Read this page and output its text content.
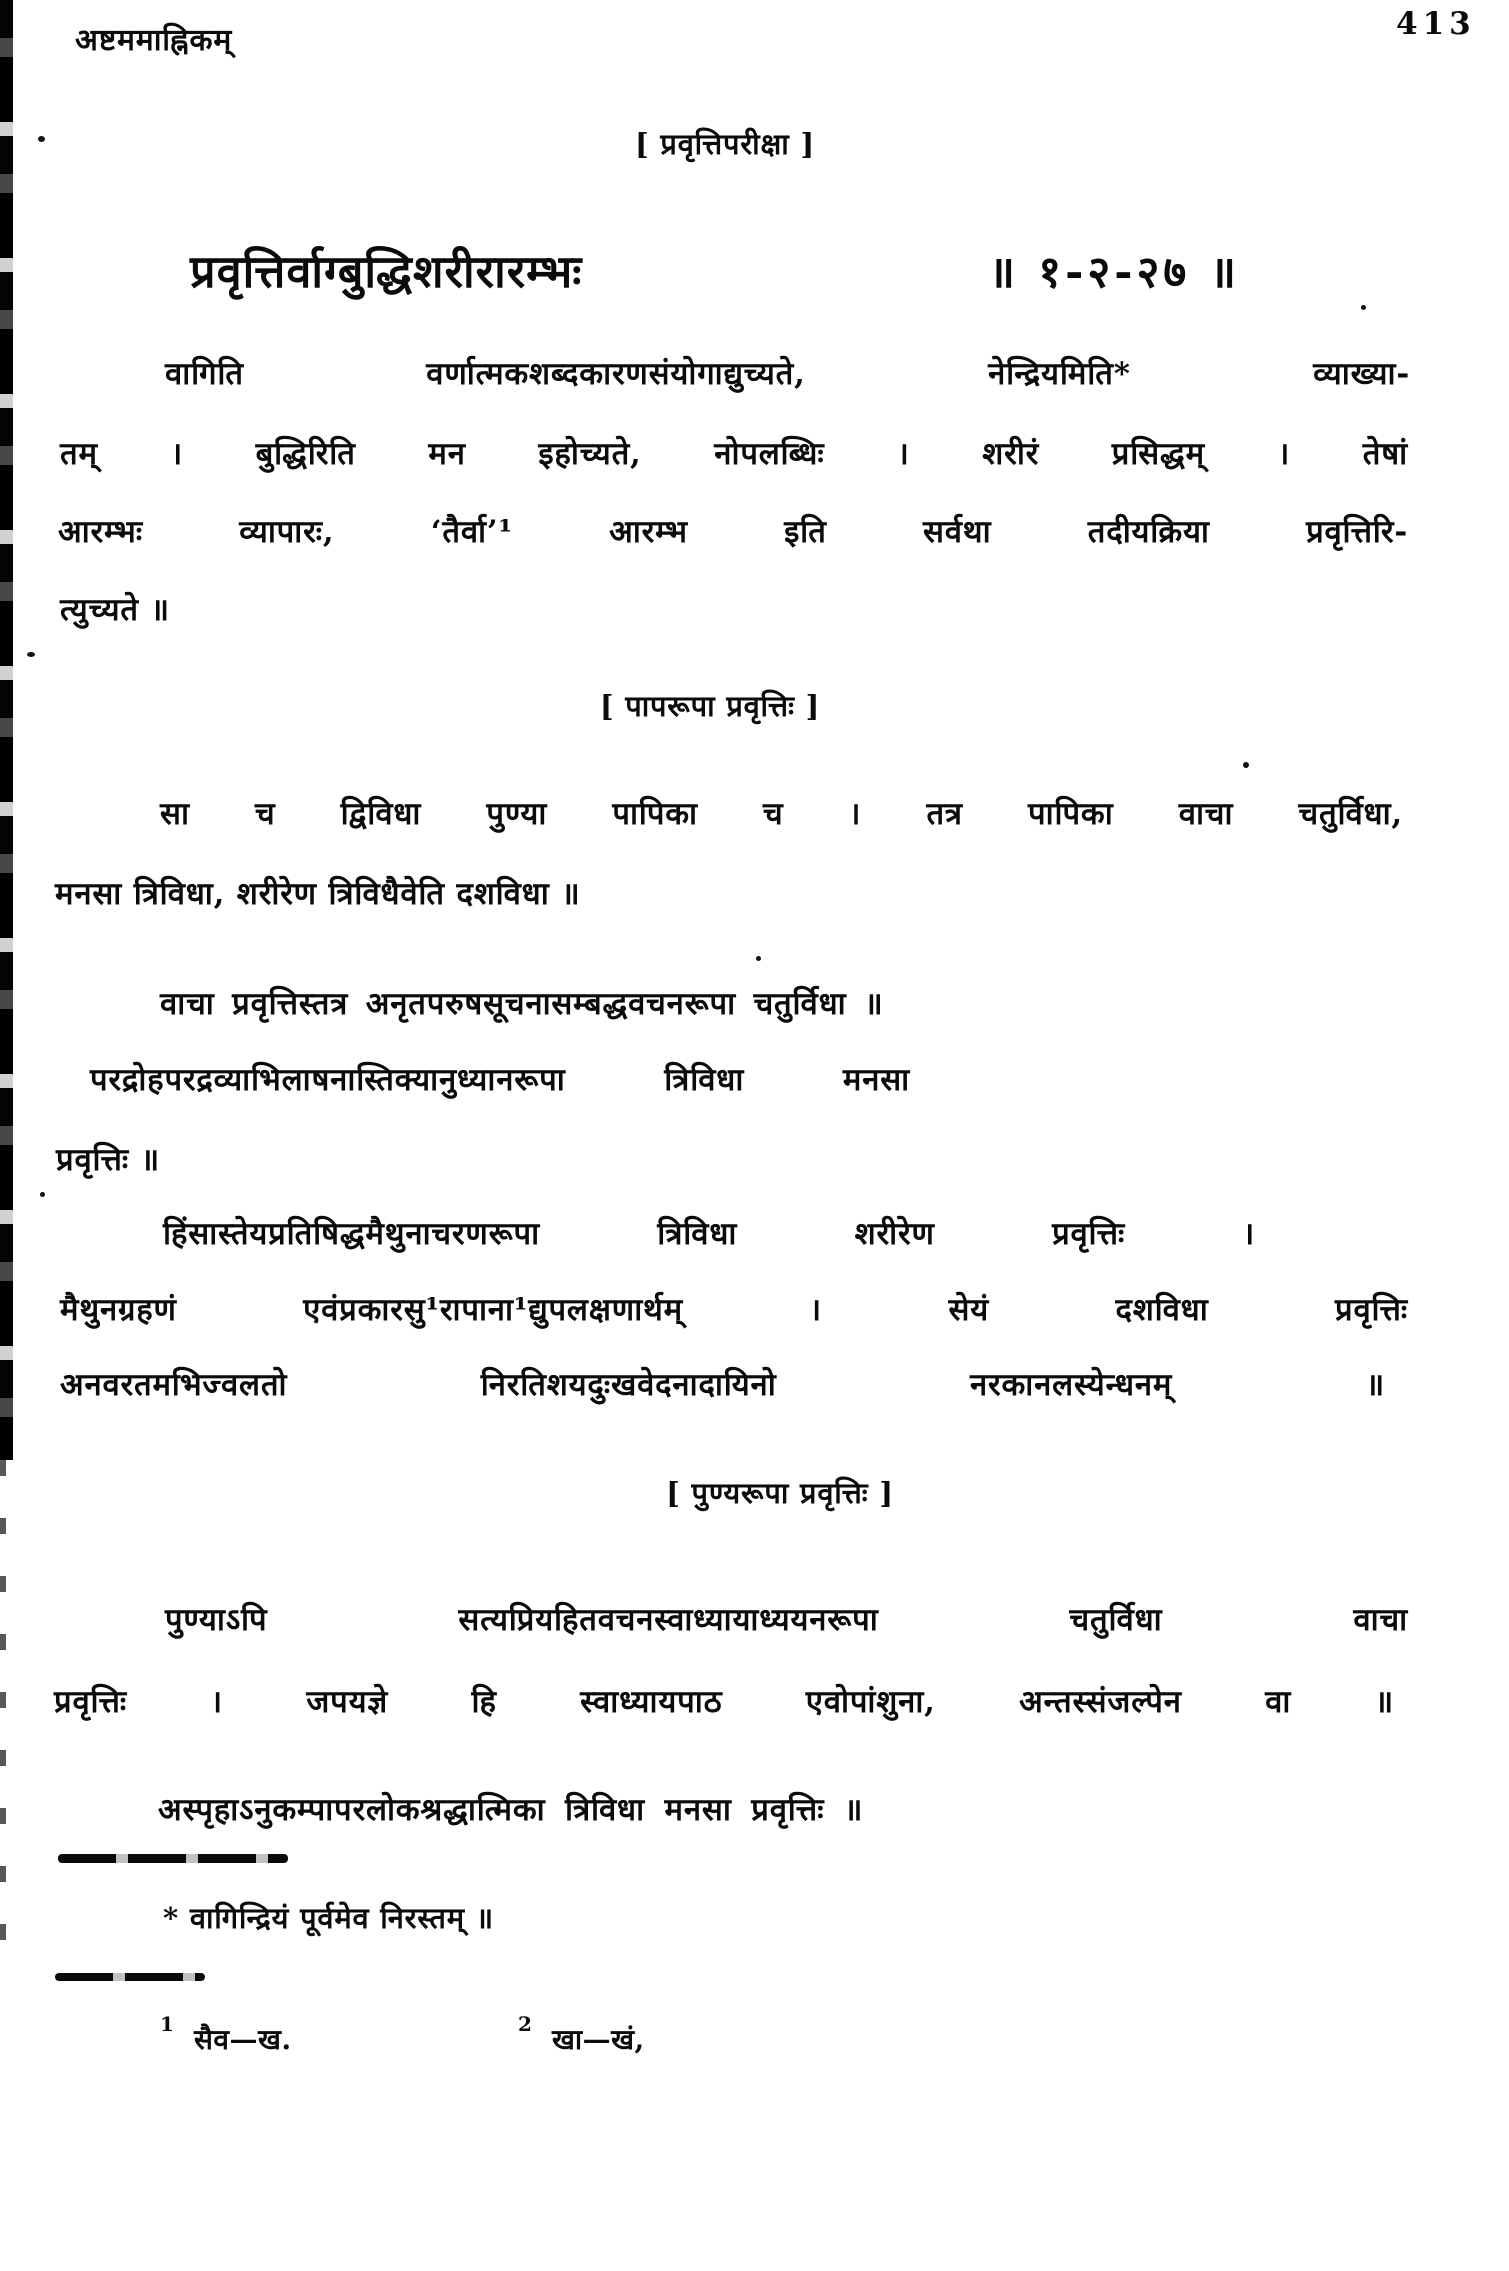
अष्टममाह्निकम्	413
[ प्रवृत्तिपरीक्षा ]
प्रवृत्तिर्वाग्बुद्धिशरीरारम्भः	॥ १-२-२७ ॥
वागिति वर्णात्मकशब्दकारणसंयोगाद्युच्यते, नेन्द्रियमिति* व्याख्या-
तम् । बुद्धिरिति मन इहोच्यते, नोपलब्धिः । शरीरं प्रसिद्धम् । तेषां
आरम्भः व्यापारः, ‘तैर्वा’¹ आरम्भ इति सर्वथा तदीयक्रिया प्रवृत्तिरि-
त्युच्यते ॥
[ पापरूपा प्रवृत्तिः ]
सा च द्विविधा पुण्या पापिका च । तत्र पापिका वाचा चतुर्विधा,
मनसा त्रिविधा, शरीरेण त्रिविधैवेति दशविधा ॥
वाचा प्रवृत्तिस्तत्र अनृतपरुषसूचनासम्बद्धवचनरूपा चतुर्विधा ॥
परद्रोहपरद्रव्याभिलाषनास्तिक्यानुध्यानरूपा त्रिविधा मनसा
प्रवृत्तिः ॥
हिंसास्तेयप्रतिषिद्धमैथुनाचरणरूपा त्रिविधा शरीरेण प्रवृत्तिः ।
मैथुनग्रहणं एवंप्रकारसु¹रापाना¹द्युपलक्षणार्थम् । सेयं दशविधा प्रवृत्तिः
अनवरतमभिज्वलतो निरतिशयदुःखवेदनादायिनो नरकानलस्येन्धनम् ॥
[ पुण्यरूपा प्रवृत्तिः ]
पुण्याऽपि सत्यप्रियहितवचनस्वाध्यायाध्ययनरूपा चतुर्विधा वाचा
प्रवृत्तिः । जपयज्ञे हि स्वाध्यायपाठ एवोपांशुना, अन्तस्संजल्पेन वा ॥
अस्पृहाऽनुकम्पापरलोकश्रद्धात्मिका त्रिविधा मनसा प्रवृत्तिः ॥
* वागिन्द्रियं पूर्वमेव निरस्तम् ॥
1 सैव—ख.	2 खा—खं,
